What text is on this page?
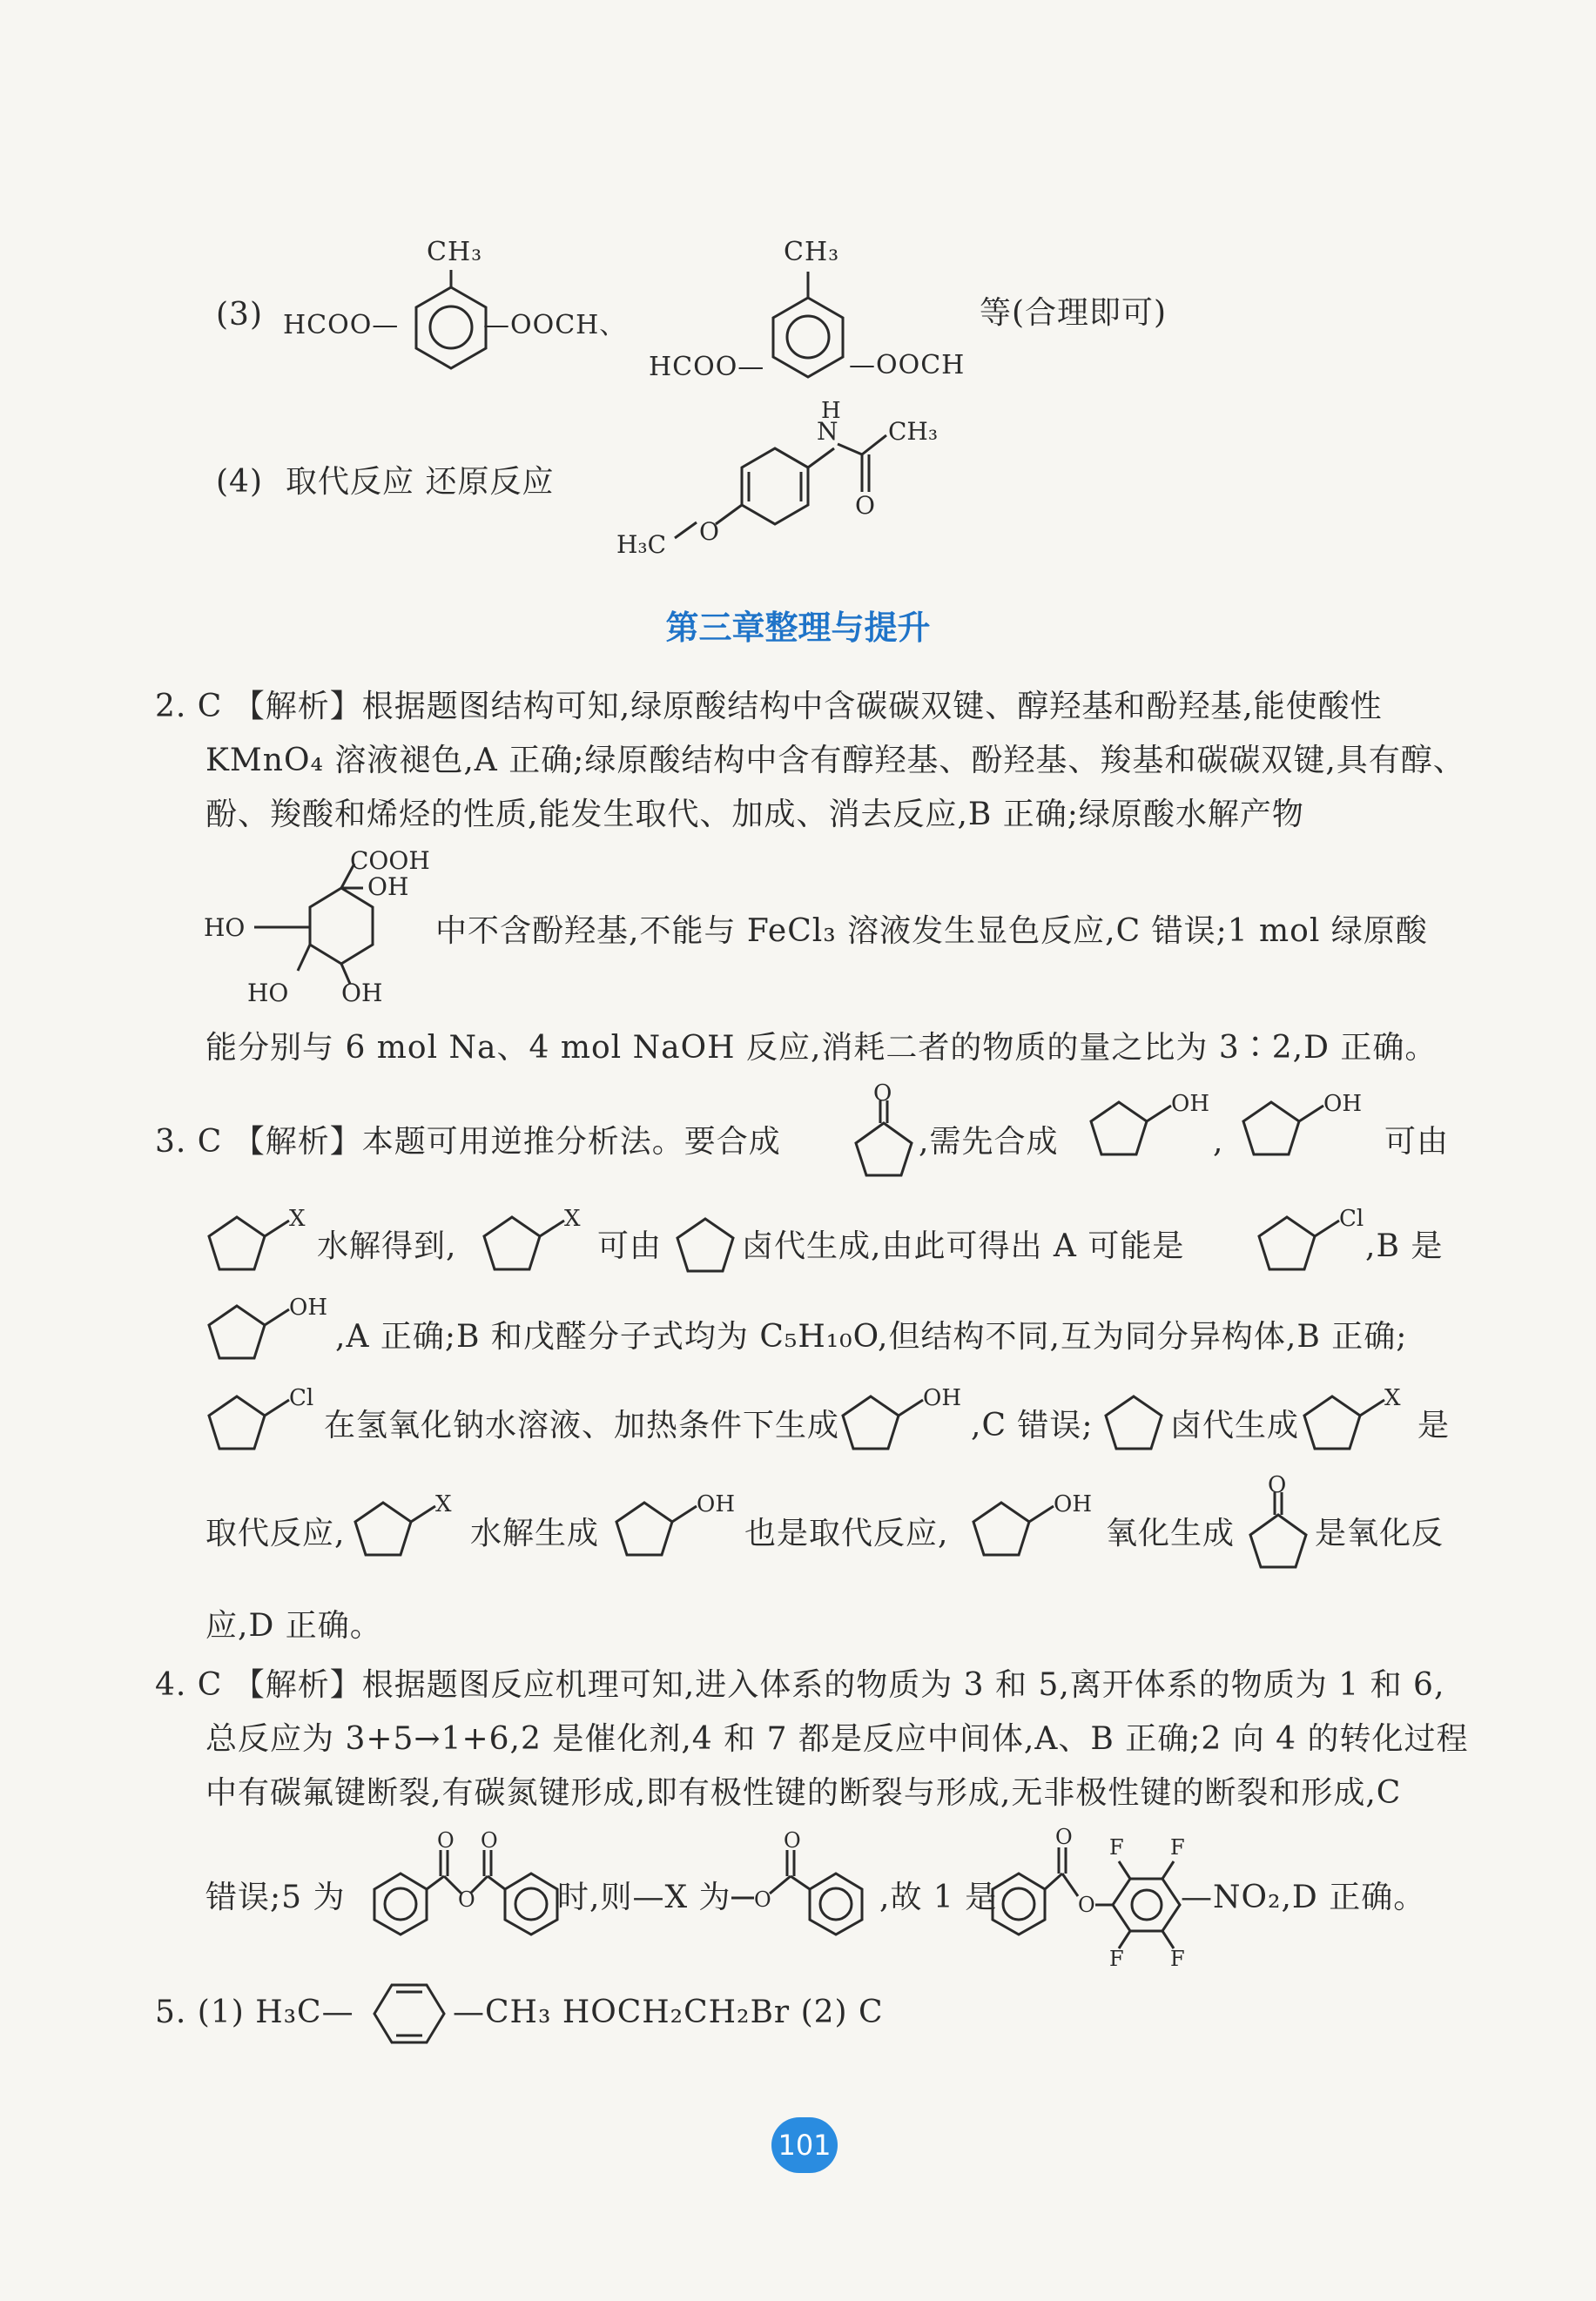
(3) HCOO—
CH₃
—OOCH、
CH₃
HCOO—	—OOCH
等(合理即可)
(4) 取代反应 还原反应
N
H
CH₃
O
O
H₃C
第三章整理与提升
2. C 【解析】根据题图结构可知,绿原酸结构中含碳碳双键、醇羟基和酚羟基,能使酸性
KMnO₄ 溶液褪色,A 正确;绿原酸结构中含有醇羟基、酚羟基、羧基和碳碳双键,具有醇、
酚、羧酸和烯烃的性质,能发生取代、加成、消去反应,B 正确;绿原酸水解产物
COOH
OH
HO
HO OH
中不含酚羟基,不能与 FeCl₃ 溶液发生显色反应,C 错误;1 mol 绿原酸
能分别与 6 mol Na、4 mol NaOH 反应,消耗二者的物质的量之比为 3∶2,D 正确。
3. C 【解析】本题可用逆推分析法。要合成
O
,需先合成
OH
,
OH
可由
X
水解得到,
X
可由	卤代生成,由此可得出 A 可能是
Cl
,B 是
OH
,A 正确;B 和戊醛分子式均为 C₅H₁₀O,但结构不同,互为同分异构体,B 正确;
Cl
在氢氧化钠水溶液、加热条件下生成
OH
,C 错误; 卤代生成
X
是
取代反应,
X
水解生成
OH
也是取代反应,
OH
氧化生成
O
是氧化反
应,D 正确。
4. C 【解析】根据题图反应机理可知,进入体系的物质为 3 和 5,离开体系的物质为 1 和 6,
总反应为 3+5→1+6,2 是催化剂,4 和 7 都是反应中间体,A、B 正确;2 向 4 的转化过程
中有碳氟键断裂,有碳氮键形成,即有极性键的断裂与形成,无非极性键的断裂和形成,C
错误;5 为
O
O
O
时,则—X 为 O
O
,故 1 是
O
O
F F
F F
—NO₂,D 正确。
5. (1) H₃C—	—CH₃ HOCH₂CH₂Br (2) C
101
